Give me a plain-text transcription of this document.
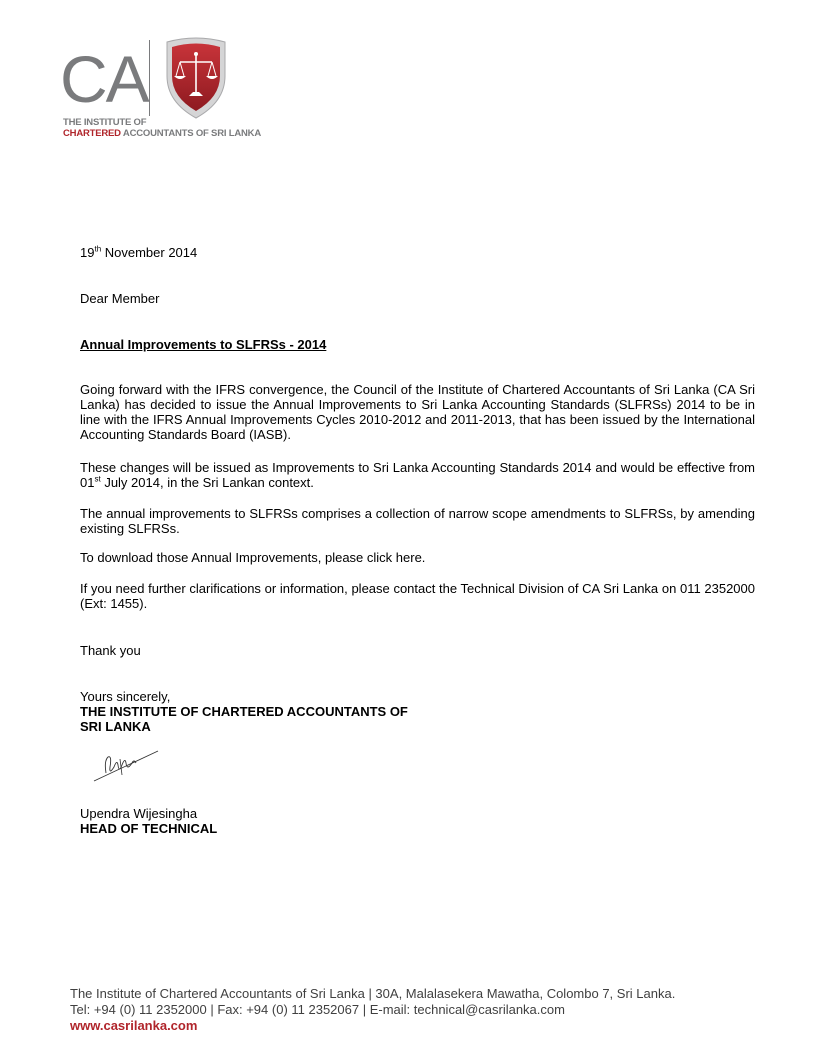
CA
THE INSTITUTE OF
CHARTERED ACCOUNTANTS OF SRI LANKA
19th November 2014
Dear Member
Annual Improvements to SLFRSs - 2014
Going forward with the IFRS convergence, the Council of the Institute of Chartered Accountants of Sri Lanka (CA Sri Lanka) has decided to issue the Annual Improvements to Sri Lanka Accounting Standards (SLFRSs) 2014 to be in line with the IFRS Annual Improvements Cycles 2010-2012 and 2011-2013, that has been issued by the International Accounting Standards Board (IASB).
These changes will be issued as Improvements to Sri Lanka Accounting Standards 2014 and would be effective from 01st July 2014, in the Sri Lankan context.
The annual improvements to SLFRSs comprises a collection of narrow scope amendments to SLFRSs, by amending existing SLFRSs.
To download those Annual Improvements, please click here.
If you need further clarifications or information, please contact the Technical Division of CA Sri Lanka on 011 2352000 (Ext: 1455).
Thank you
Yours sincerely,
THE INSTITUTE OF CHARTERED ACCOUNTANTS OF
SRI LANKA
Upendra Wijesingha
HEAD OF TECHNICAL
The Institute of Chartered Accountants of Sri Lanka | 30A, Malalasekera Mawatha, Colombo 7, Sri Lanka.
Tel: +94 (0) 11 2352000 | Fax: +94 (0) 11 2352067 | E-mail: technical@casrilanka.com
www.casrilanka.com
